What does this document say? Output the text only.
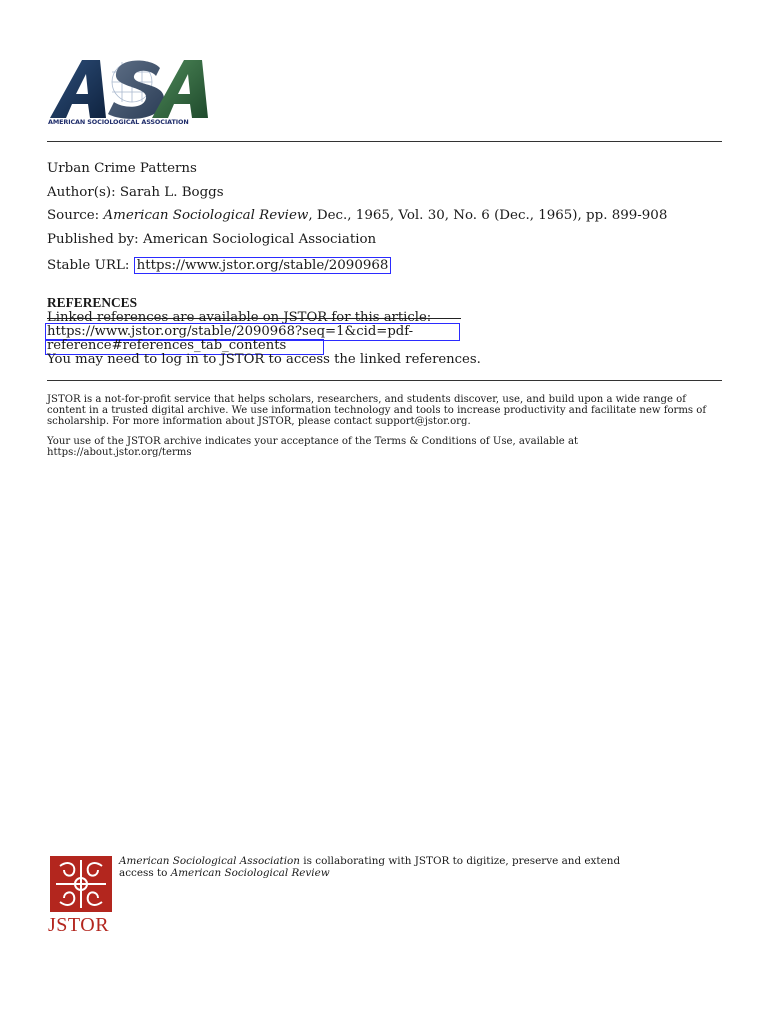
AMERICAN SOCIOLOGICAL ASSOCIATION
Urban Crime Patterns
Author(s): Sarah L. Boggs
Source: American Sociological Review, Dec., 1965, Vol. 30, No. 6 (Dec., 1965), pp. 899-908
Published by: American Sociological Association
Stable URL: https://www.jstor.org/stable/2090968
REFERENCES
Linked references are available on JSTOR for this article:
https://www.jstor.org/stable/2090968?seq=1&cid=pdf-
reference#references_tab_contents
You may need to log in to JSTOR to access the linked references.
JSTOR is a not-for-profit service that helps scholars, researchers, and students discover, use, and build upon a wide range of content in a trusted digital archive. We use information technology and tools to increase productivity and facilitate new forms of scholarship. For more information about JSTOR, please contact support@jstor.org.
Your use of the JSTOR archive indicates your acceptance of the Terms & Conditions of Use, available at https://about.jstor.org/terms
JSTOR
American Sociological Association is collaborating with JSTOR to digitize, preserve and extend
access to American Sociological Review
